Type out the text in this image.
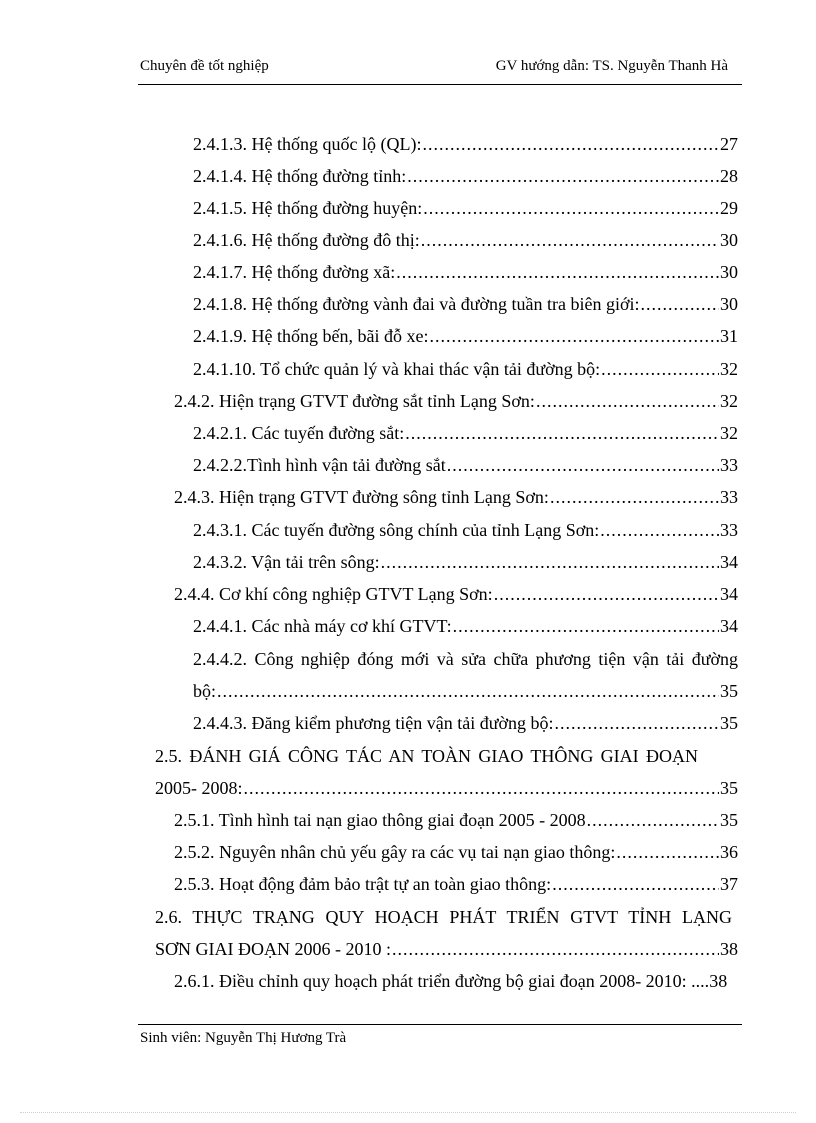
Chuyên đề tốt nghiệp	GV hướng dẫn: TS. Nguyễn Thanh Hà
2.4.1.3. Hệ thống quốc lộ (QL): .....	27
2.4.1.4. Hệ thống đường tỉnh: .....	28
2.4.1.5. Hệ thống đường huyện: .....	29
2.4.1.6. Hệ thống đường đô thị: .....	30
2.4.1.7. Hệ thống đường xã: .....	30
2.4.1.8. Hệ thống đường vành đai và đường tuần tra biên giới: .....	30
2.4.1.9. Hệ thống bến, bãi đỗ xe: .....	31
2.4.1.10. Tổ chức quản lý và khai thác vận tải đường bộ: .....	32
2.4.2. Hiện trạng GTVT đường sắt tỉnh Lạng Sơn: .....	32
2.4.2.1. Các tuyến đường sắt: .....	32
2.4.2.2.Tình hình vận tải đường sắt .....	33
2.4.3. Hiện trạng GTVT đường sông tỉnh Lạng Sơn: .....	33
2.4.3.1. Các tuyến đường sông chính của tỉnh Lạng Sơn: .....	33
2.4.3.2. Vận tải trên sông: .....	34
2.4.4. Cơ khí công nghiệp GTVT Lạng Sơn: .....	34
2.4.4.1. Các nhà máy cơ khí GTVT: .....	34
2.4.4.2. Công nghiệp đóng mới và sửa chữa phương tiện vận tải đường
bộ: .....	35
2.4.4.3. Đăng kiểm phương tiện vận tải đường bộ: .....	35
2.5. ĐÁNH GIÁ CÔNG TÁC AN TOÀN GIAO THÔNG GIAI ĐOẠN
2005- 2008: .....	35
2.5.1. Tình hình tai nạn giao thông giai đoạn 2005 - 2008 .....	35
2.5.2. Nguyên nhân chủ yếu gây ra các vụ tai nạn giao thông: .....	36
2.5.3. Hoạt động đảm bảo trật tự an toàn giao thông: .....	37
2.6. THỰC TRẠNG QUY HOẠCH PHÁT TRIỂN GTVT TỈNH LẠNG
SƠN GIAI ĐOẠN 2006 - 2010 : .....	38
2.6.1. Điều chỉnh quy hoạch phát triển đường bộ giai đoạn 2008- 2010: .... 38
Sinh viên: Nguyễn Thị Hương Trà
